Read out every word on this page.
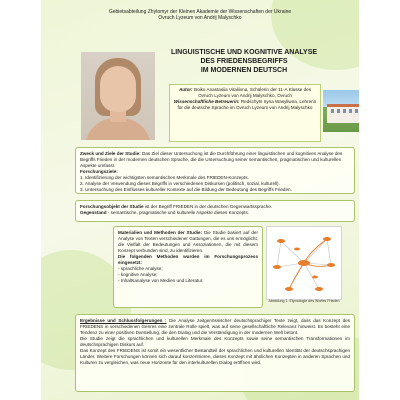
Gebietsabteilung Zhytomyr der Kleinen Akademie der Wissenschaften der Ukraine
Ovruch Lyzeum von Andrij Malyschko
LINGUISTISCHE UND KOGNITIVE ANALYSE
DES FRIEDENSBEGRIFFS
IM MODERNEN DEUTSCH
Autor: Boiko Anastasiia Vitaliivna, Schülerin der 11-A Klasse des Ovruch Lyzeum von Andrij Malyschko, Ovruch
Wissenschaftliche Betreuerin: Redschyts Iryna Wasyliwna, Lehrerin für die deutsche Sprache im Ovruch Lyzeum von Andrij Malyschko
Zweck und Ziele der Studie: Das Ziel dieser Untersuchung ist die Durchführung einer linguistischen und kognitiven Analyse des Begriffs Frieden in der modernen deutschen Sprache, die die Untersuchung seiner semantischen, pragmatischen und kulturellen Aspekte umfasst.
Forschungsziele:
1. Identifizierung der wichtigsten semantischen Merkmale des FRIEDEN-Konzepts.
2. Analyse der Verwendung dieses Begriffs in verschiedenen Diskursen (politisch, sozial, kulturell).
3. Untersuchung des Einflusses kultureller Kontexte auf die Bildung der Bedeutung des Begriffs Frieden.
Forschungsobjekt der Studie ist der Begriff FRIEDEN in der deutschen Gegenwartssprache.
Gegenstand - semantische, pragmatische und kulturelle Aspekte dieses Konzepts.
Materialien und Methoden der Studie: Die Studie basiert auf der Analyse von Texten verschiedener Gattungen, die es uns ermöglicht, die Vielfalt der Bedeutungen und Assoziationen, die mit diesem Konzept verbunden sind, zu identifizieren.
Die folgenden Methoden wurden im Forschungsprozess eingesetzt:
- sprachliche Analyse;
- kognitive Analyse;
- Inhaltsanalyse von Medien und Literatur.
Abbildung 1. Etymologie des Wortes Frieden
Ergebnisse und Schlussfolgerungen : Die Analyse zeitgenössischer deutschsprachiger Texte zeigt, dass das Konzept des FRIEDENS in verschiedenen Genres eine zentrale Rolle spielt, was auf seine gesellschaftliche Relevanz hinweist. Es besteht eine Tendenz zu einer positiven Darstellung, die den Dialog und die Verständigung in der modernen Welt betont.
Die Studie zeigt die sprachlichen und kulturellen Merkmale des Konzepts sowie seine semantischen Transformationen im deutschsprachigen Diskurs auf.
Das Konzept des FRIEDENS ist somit ein wesentlicher Bestandteil der sprachlichen und kulturellen Identität der deutschsprachigen Länder. Weitere Forschungen können sich darauf konzentrieren, dieses Konzept mit ähnlichen Konzepten in anderen Sprachen und Kulturen zu vergleichen, was neue Horizonte für den interkulturellen Dialog eröffnen wird.
